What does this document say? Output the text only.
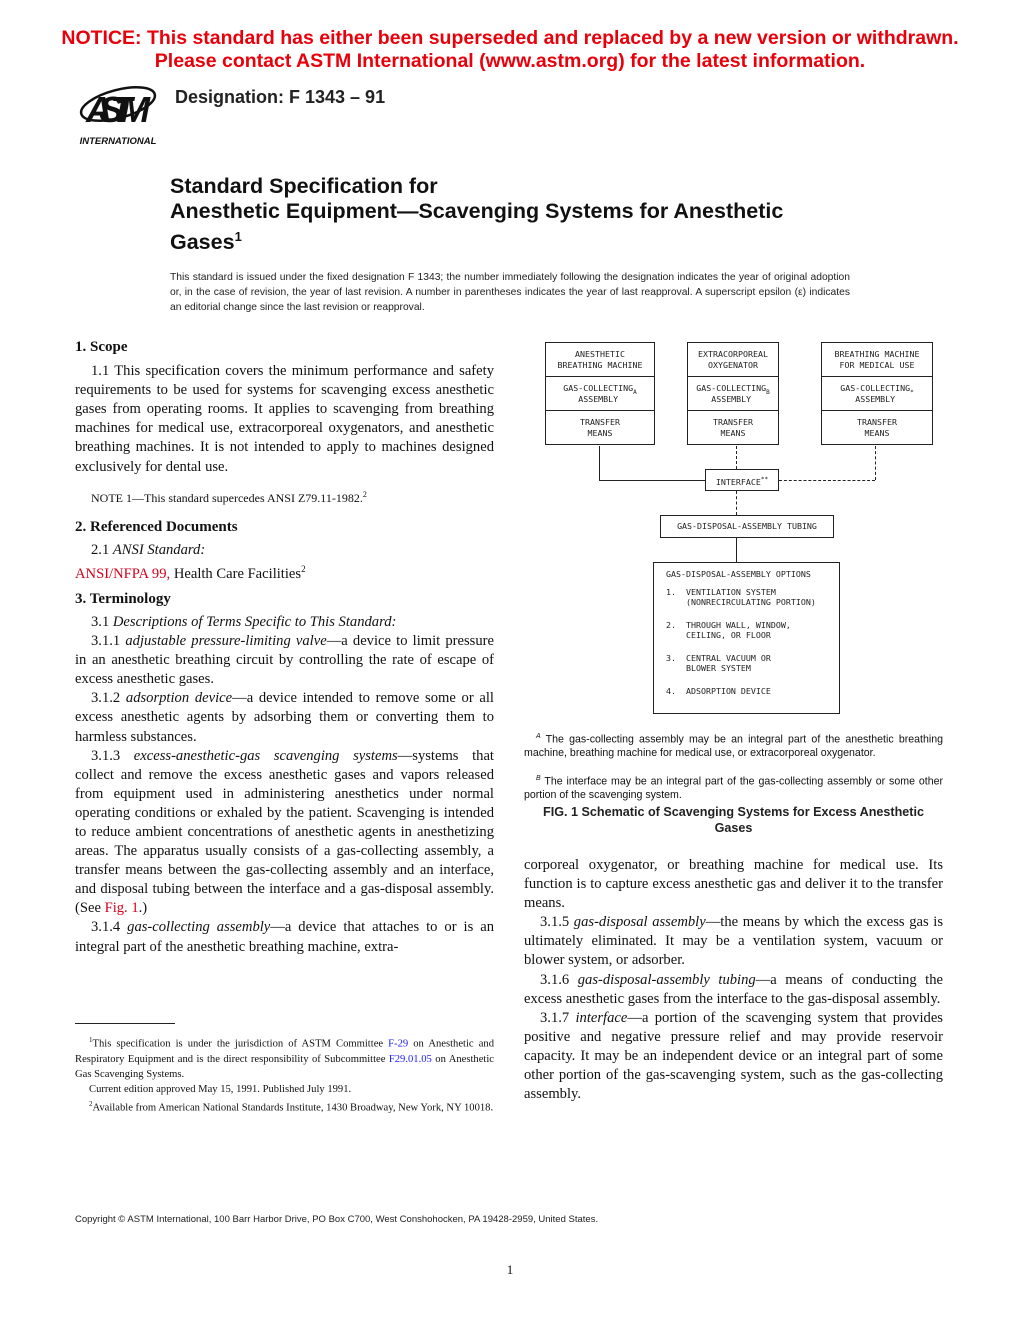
NOTICE: This standard has either been superseded and replaced by a new version or withdrawn.
Please contact ASTM International (www.astm.org) for the latest information.
ASTM
INTERNATIONAL
Designation: F 1343 – 91
Standard Specification for
Anesthetic Equipment—Scavenging Systems for Anesthetic
Gases$^1$
This standard is issued under the fixed designation F 1343; the number immediately following the designation indicates the year of original adoption or, in the case of revision, the year of last revision. A number in parentheses indicates the year of last reapproval. A superscript epsilon (ε) indicates an editorial change since the last revision or reapproval.
1. Scope

1.1 This specification covers the minimum performance and safety requirements to be used for systems for scavenging excess anesthetic gases from operating rooms. It applies to scavenging from breathing machines for medical use, extracorporeal oxygenators, and anesthetic breathing machines. It is not intended to apply to machines designed exclusively for dental use.

NOTE 1—This standard supercedes ANSI Z79.11-1982.$^2$

2. Referenced Documents

2.1 ANSI Standard:

ANSI/NFPA 99, Health Care Facilities$^2$

3. Terminology

3.1 Descriptions of Terms Specific to This Standard:

3.1.1 adjustable pressure-limiting valve—a device to limit pressure in an anesthetic breathing circuit by controlling the rate of escape of excess anesthetic gases.

3.1.2 adsorption device—a device intended to remove some or all excess anesthetic agents by adsorbing them or converting them to harmless substances.

3.1.3 excess-anesthetic-gas scavenging systems—systems that collect and remove the excess anesthetic gases and vapors released from equipment used in administering anesthetics under normal operating conditions or exhaled by the patient. Scavenging is intended to reduce ambient concentrations of anesthetic agents in anesthetizing areas. The apparatus usually consists of a gas-collecting assembly, a transfer means between the gas-collecting assembly and an interface, and disposal tubing between the interface and a gas-disposal assembly. (See Fig. 1.)

3.1.4 gas-collecting assembly—a device that attaches to or is an integral part of the anesthetic breathing machine, extra-

$^1$This specification is under the jurisdiction of ASTM Committee F-29 on Anesthetic and Respiratory Equipment and is the direct responsibility of Subcommittee F29.01.05 on Anesthetic Gas Scavenging Systems.
Current edition approved May 15, 1991. Published July 1991.
$^2$Available from American National Standards Institute, 1430 Broadway, New York, NY 10018.
ANESTHETIC
BREATHING MACHINE
GAS-COLLECTING
ASSEMBLY
A
TRANSFER
MEANS
EXTRACORPOREAL
OXYGENATOR
GAS-COLLECTING
ASSEMBLY
B
TRANSFER
MEANS
BREATHING MACHINE
FOR MEDICAL USE
GAS-COLLECTING
ASSEMBLY
*
TRANSFER
MEANS
INTERFACE**
GAS-DISPOSAL-ASSEMBLY TUBING
GAS-DISPOSAL-ASSEMBLY OPTIONS
1.  VENTILATION SYSTEM
(NONRECIRCULATING PORTION)
2.  THROUGH WALL, WINDOW,
CEILING, OR FLOOR
3.  CENTRAL VACUUM OR
BLOWER SYSTEM
4.  ADSORPTION DEVICE
$^A$ The gas-collecting assembly may be an integral part of the anesthetic breathing machine, breathing machine for medical use, or extracorporeal oxygenator.
$^B$ The interface may be an integral part of the gas-collecting assembly or some other portion of the scavenging system.
FIG. 1 Schematic of Scavenging Systems for Excess Anesthetic Gases

corporeal oxygenator, or breathing machine for medical use. Its function is to capture excess anesthetic gas and deliver it to the transfer means.

3.1.5 gas-disposal assembly—the means by which the excess gas is ultimately eliminated. It may be a ventilation system, vacuum or blower system, or adsorber.

3.1.6 gas-disposal-assembly tubing—a means of conducting the excess anesthetic gases from the interface to the gas-disposal assembly.

3.1.7 interface—a portion of the scavenging system that provides positive and negative pressure relief and may provide reservoir capacity. It may be an independent device or an integral part of some other portion of the gas-scavenging system, such as the gas-collecting assembly.

Copyright © ASTM International, 100 Barr Harbor Drive, PO Box C700, West Conshohocken, PA 19428-2959, United States.
1
